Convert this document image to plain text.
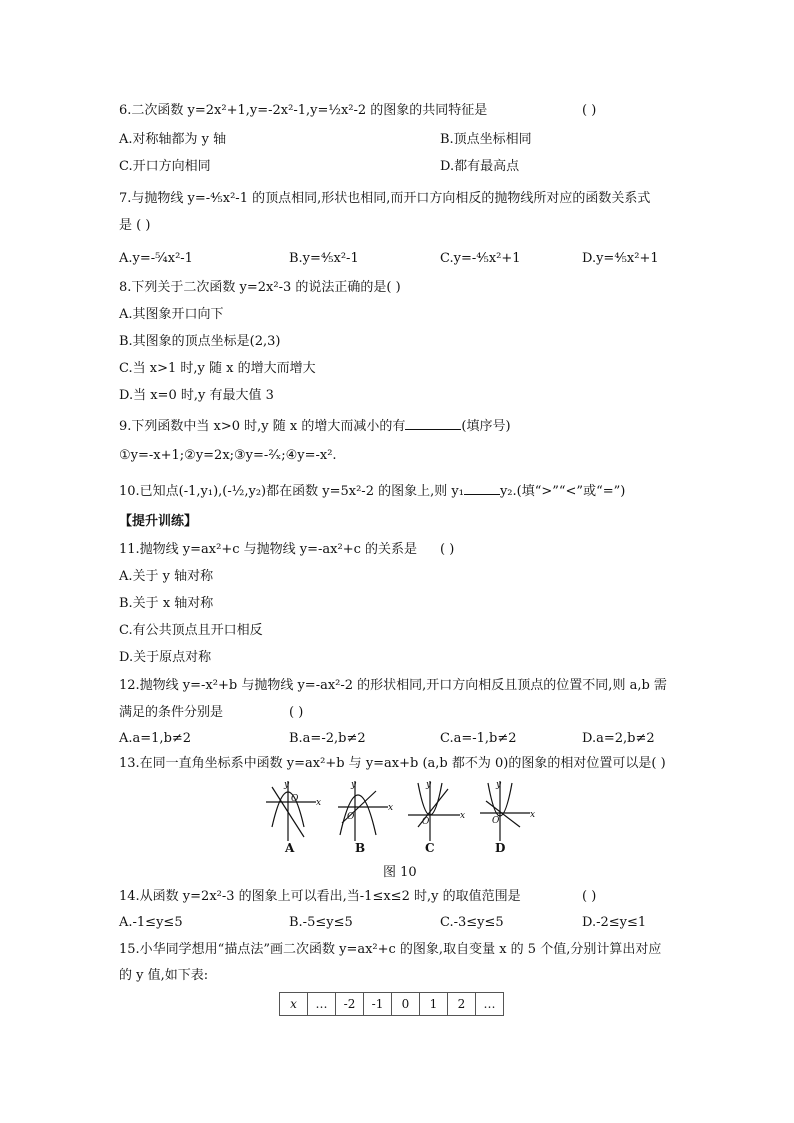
6.二次函数 y=2x²+1,y=-2x²-1,y=½x²-2 的图象的共同特征是	( )
A.对称轴都为 y 轴	B.顶点坐标相同
C.开口方向相同	D.都有最高点
7.与抛物线 y=-⁴⁄₅x²-1 的顶点相同,形状也相同,而开口方向相反的抛物线所对应的函数关系式
是 ( )
A.y=-⁵⁄₄x²-1	B.y=⁴⁄₅x²-1	C.y=-⁴⁄₅x²+1	D.y=⁴⁄₅x²+1
8.下列关于二次函数 y=2x²-3 的说法正确的是( )
A.其图象开口向下
B.其图象的顶点坐标是(2,3)
C.当 x>1 时,y 随 x 的增大而增大
D.当 x=0 时,y 有最大值 3
9.下列函数中当 x>0 时,y 随 x 的增大而减小的有	(填序号)
①y=-x+1;②y=2x;③y=-²⁄ₓ;④y=-x².
10.已知点(-1,y₁),(-½,y₂)都在函数 y=5x²-2 的图象上,则 y₁	y₂.(填“>”“<”或“=”)
【提升训练】
11.抛物线 y=ax²+c 与抛物线 y=-ax²+c 的关系是 ( )
A.关于 y 轴对称
B.关于 x 轴对称
C.有公共顶点且开口相反
D.关于原点对称
12.抛物线 y=-x²+b 与抛物线 y=-ax²-2 的形状相同,开口方向相反且顶点的位置不同,则 a,b 需
满足的条件分别是	( )
A.a=1,b≠2	B.a=-2,b≠2	C.a=-1,b≠2	D.a=2,b≠2
13.在同一直角坐标系中函数 y=ax²+b 与 y=ax+b (a,b 都不为 0)的图象的相对位置可以是( )
y
x
O
y
x
O
y
x
O
y
x
O
A	B	C	D
图 10
14.从函数 y=2x²-3 的图象上可以看出,当-1≤x≤2 时,y 的取值范围是	( )
A.-1≤y≤5	B.-5≤y≤5	C.-3≤y≤5	D.-2≤y≤1
15.小华同学想用“描点法”画二次函数 y=ax²+c 的图象,取自变量 x 的 5 个值,分别计算出对应
的 y 值,如下表:
x	…	-2	-1	0	1	2	…
